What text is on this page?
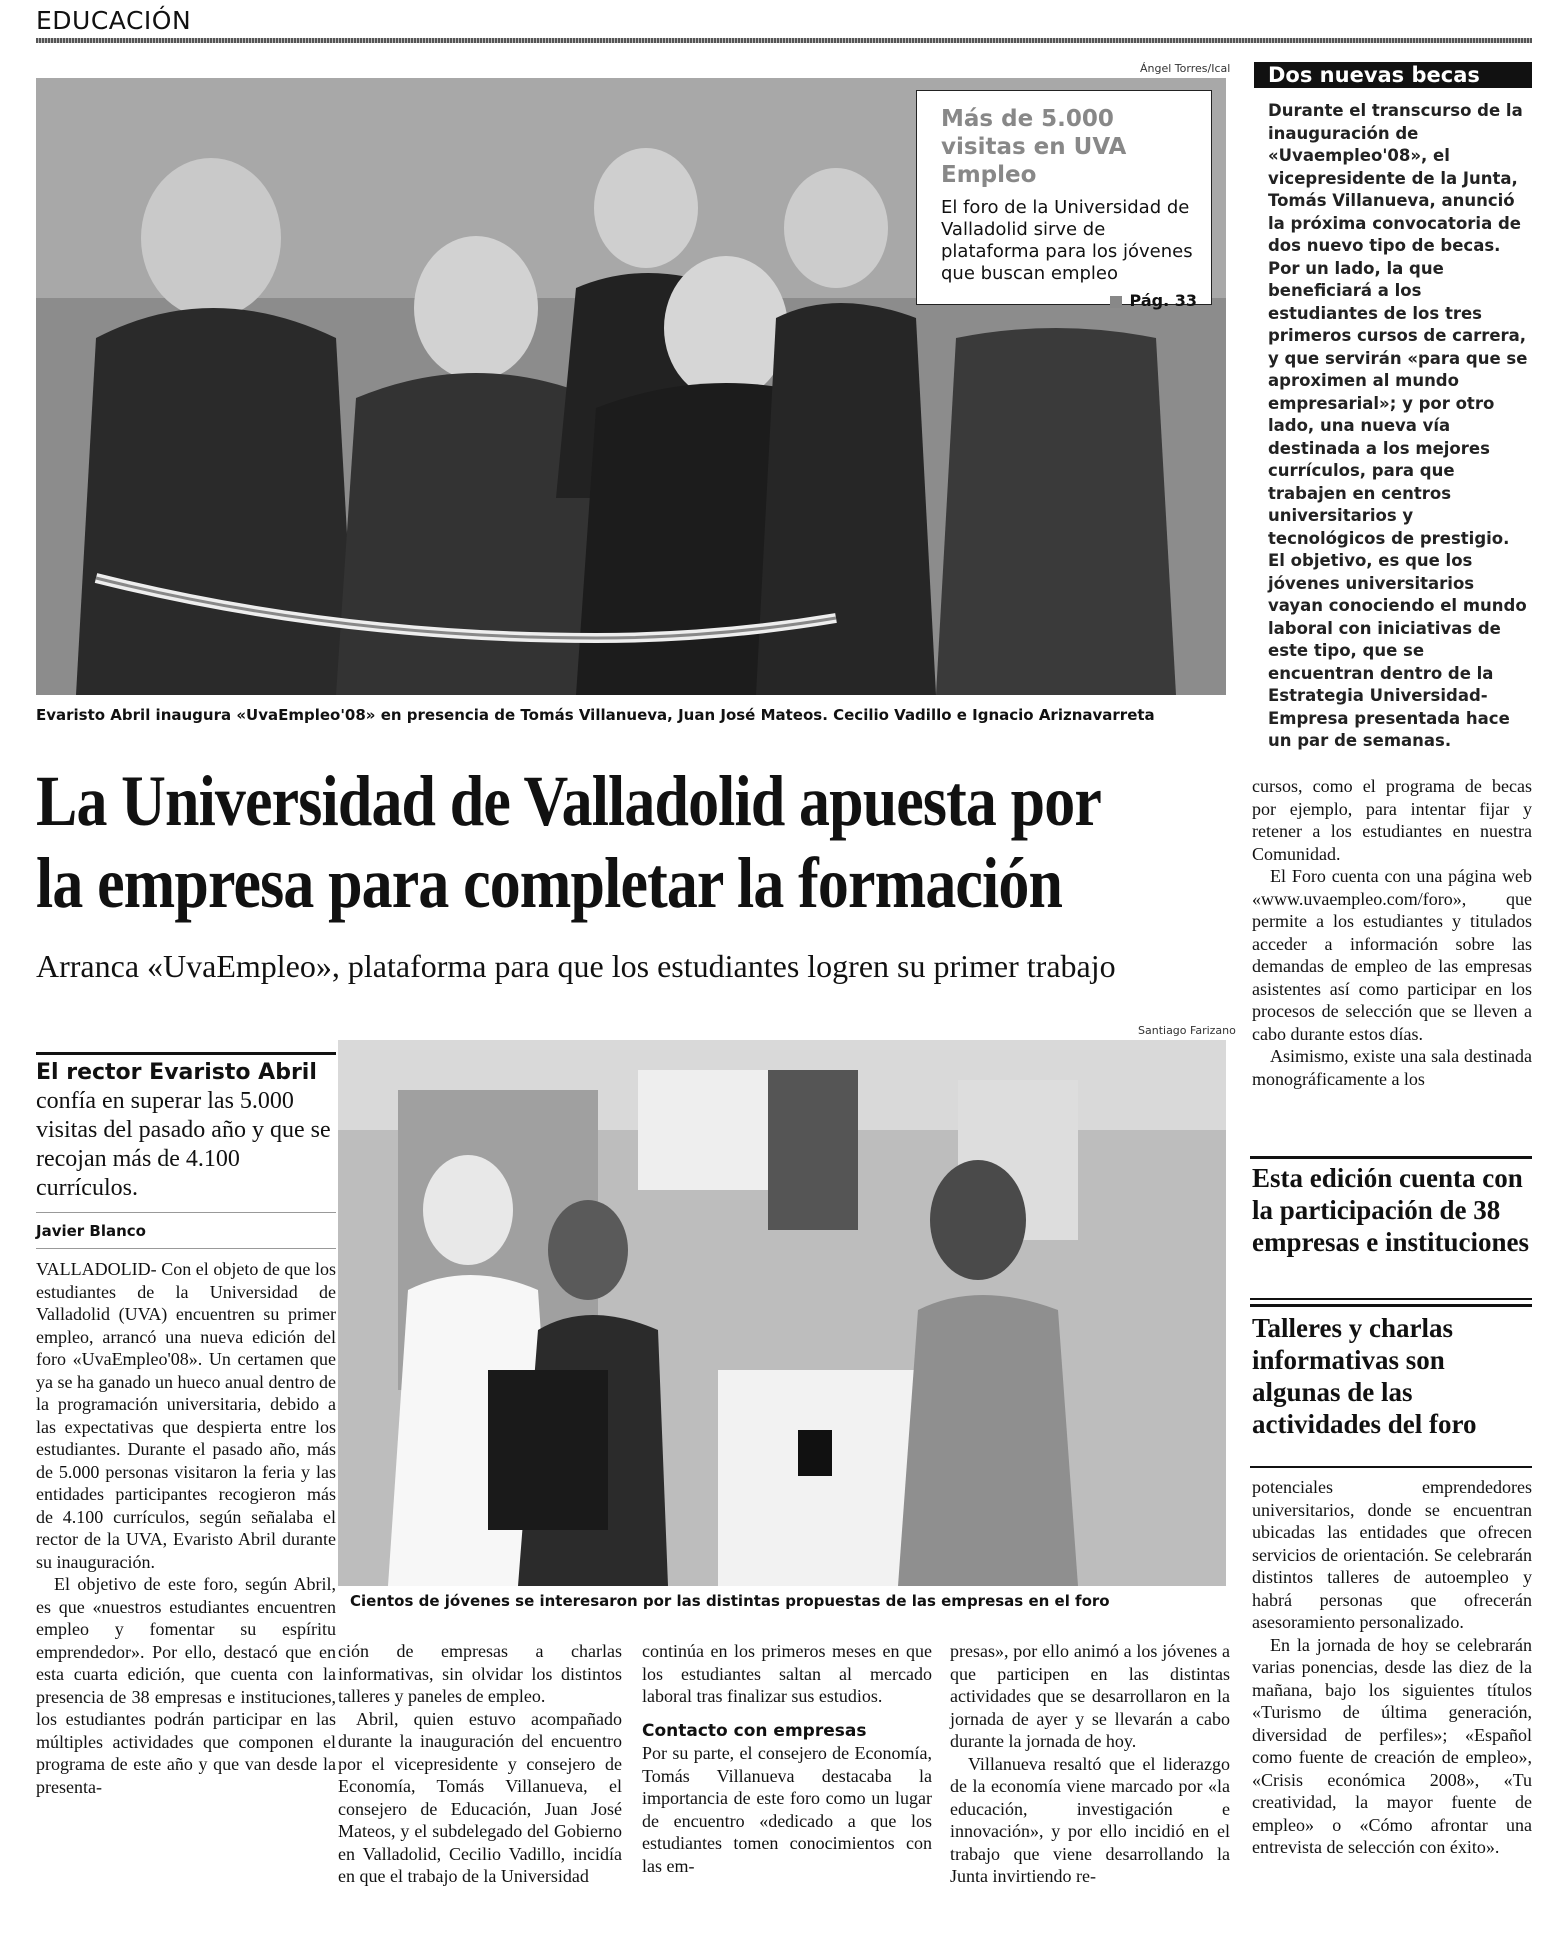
EDUCACIÓN
Ángel Torres/Ical
Más de 5.000 visitas en UVA Empleo
El foro de la Universidad de Valladolid sirve de plataforma para los jóvenes que buscan empleo
Pág. 33
Evaristo Abril inaugura «UvaEmpleo'08» en presencia de Tomás Villanueva, Juan José Mateos. Cecilio Vadillo e Ignacio Ariznavarreta
Dos nuevas becas
Durante el transcurso de la inauguración de «Uvaempleo'08», el vicepresidente de la Junta, Tomás Villanueva, anunció la próxima convocatoria de dos nuevo tipo de becas. Por un lado, la que beneficiará a los estudiantes de los tres primeros cursos de carrera, y que servirán «para que se aproximen al mundo empresarial»; y por otro lado, una nueva vía destinada a los mejores currículos, para que trabajen en centros universitarios y tecnológicos de prestigio. El objetivo, es que los jóvenes universitarios vayan conociendo el mundo laboral con iniciativas de este tipo, que se encuentran dentro de la Estrategia Universidad-Empresa presentada hace un par de semanas.
La Universidad de Valladolid apuesta por
la empresa para completar la formación
Arranca «UvaEmpleo», plataforma para que los estudiantes logren su primer trabajo

cursos, como el programa de becas por ejemplo, para intentar fijar y retener a los estudiantes en nuestra Comunidad.

El Foro cuenta con una página web «www.uvaempleo.com/foro», que permite a los estudiantes y titulados acceder a información sobre las demandas de empleo de las empresas asistentes así como participar en los procesos de selección que se lleven a cabo durante estos días.

Asimismo, existe una sala destinada monográficamente a los

Esta edición cuenta con la participación de 38 empresas e instituciones
Talleres y charlas informativas son algunas de las actividades del foro

potenciales emprendedores universitarios, donde se encuentran ubicadas las entidades que ofrecen servicios de orientación. Se celebrarán distintos talleres de autoempleo y habrá personas que ofrecerán asesoramiento personalizado.

En la jornada de hoy se celebrarán varias ponencias, desde las diez de la mañana, bajo los siguientes títulos «Turismo de última generación, diversidad de perfiles»; «Español como fuente de creación de empleo», «Crisis económica 2008», «Tu creatividad, la mayor fuente de empleo» o «Cómo afrontar una entrevista de selección con éxito».

El rector Evaristo Abril
confía en superar las 5.000 visitas del pasado año y que se recojan más de 4.100 currículos.
Javier Blanco

VALLADOLID- Con el objeto de que los estudiantes de la Universidad de Valladolid (UVA) encuentren su primer empleo, arrancó una nueva edición del foro «UvaEmpleo'08». Un certamen que ya se ha ganado un hueco anual dentro de la programación universitaria, debido a las expectativas que despierta entre los estudiantes. Durante el pasado año, más de 5.000 personas visitaron la feria y las entidades participantes recogieron más de 4.100 currículos, según señalaba el rector de la UVA, Evaristo Abril durante su inauguración.

El objetivo de este foro, según Abril, es que «nuestros estudiantes encuentren empleo y fomentar su espíritu emprendedor». Por ello, destacó que en esta cuarta edición, que cuenta con la presencia de 38 empresas e instituciones, los estudiantes podrán participar en las múltiples actividades que componen el programa de este año y que van desde la presenta-

Santiago Farizano
Cientos de jóvenes se interesaron por las distintas propuestas de las empresas en el foro

ción de empresas a charlas informativas, sin olvidar los distintos talleres y paneles de empleo.

Abril, quien estuvo acompañado durante la inauguración del encuentro por el vicepresidente y consejero de Economía, Tomás Villanueva, el consejero de Educación, Juan José Mateos, y el subdelegado del Gobierno en Valladolid, Cecilio Vadillo, incidía en que el trabajo de la Universidad

continúa en los primeros meses en que los estudiantes saltan al mercado laboral tras finalizar sus estudios.

Contacto con empresas

Por su parte, el consejero de Economía, Tomás Villanueva destacaba la importancia de este foro como un lugar de encuentro «dedicado a que los estudiantes tomen conocimientos con las em-

presas», por ello animó a los jóvenes a que participen en las distintas actividades que se desarrollaron en la jornada de ayer y se llevarán a cabo durante la jornada de hoy.

Villanueva resaltó que el liderazgo de la economía viene marcado por «la educación, investigación e innovación», y por ello incidió en el trabajo que viene desarrollando la Junta invirtiendo re-
